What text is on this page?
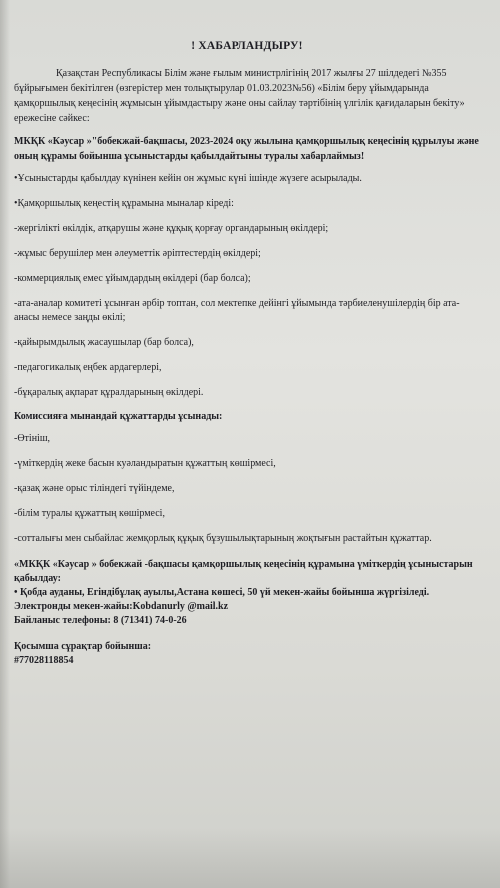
! ХАБАРЛАНДЫРУ!

Қазақстан Республикасы Білім және ғылым министрлігінің 2017 жылғы 27 шілдедегі №355 бұйрығымен бекітілген (өзгерістер мен толықтырулар 01.03.2023№56) «Білім беру ұйымдарында қамқоршылық кеңесінің жұмысын ұйымдастыру және оны сайлау тәртібінің үлгілік қағидаларын бекіту» ережесіне сәйкес:

МКҚК «Кәусар »"бобекжай-бақшасы, 2023-2024 оқу жылына қамқоршылық кеңесінің құрылуы және оның құрамы бойынша ұсыныстарды қабылдайтыны туралы хабарлаймыз!

•Ұсыныстарды қабылдау күнінен кейін он жұмыс күні ішінде жүзеге асырылады.

•Қамқоршылық кеңестің құрамына мыналар кіреді:

-жергілікті өкілдік, атқарушы және құқық қорғау органдарының өкілдері;

-жұмыс берушілер мен әлеуметтік әріптестердің өкілдері;

-коммерциялық емес ұйымдардың өкілдері (бар болса);

-ата-аналар комитеті ұсынған әрбір топтан, сол мектепке дейінгі ұйымында тәрбиеленушілердің бір ата-анасы немесе заңды өкілі;

-қайырымдылық жасаушылар (бар болса),

-педагогикалық еңбек ардагерлері,

-бұқаралық ақпарат құралдарының өкілдері.

Комиссияға мынандай құжаттарды ұсынады:

-Өтініш,

-үміткердің жеке басын куәландыратын құжаттың көшірмесі,

-қазақ және орыс тіліндегі түйіндеме,

-білім туралы құжаттың көшірмесі,

-сотталығы мен сыбайлас жемқорлық құқық бұзушылықтарының жоқтығын растайтын құжаттар.

«МКҚК «Кәусар » бобекжай -бақшасы қамқоршылық кеңесінің құрамына үміткердің ұсыныстарын қабылдау:

• Қобда ауданы, Егіндібұлақ ауылы,Астана көшесі, 50 үй мекен-жайы бойынша жүргізіледі.

Электронды мекен-жайы:Kobdanurly @mail.kz

Байланыс телефоны: 8 (71341) 74-0-26

Қосымша сұрақтар бойынша:

#77028118854
